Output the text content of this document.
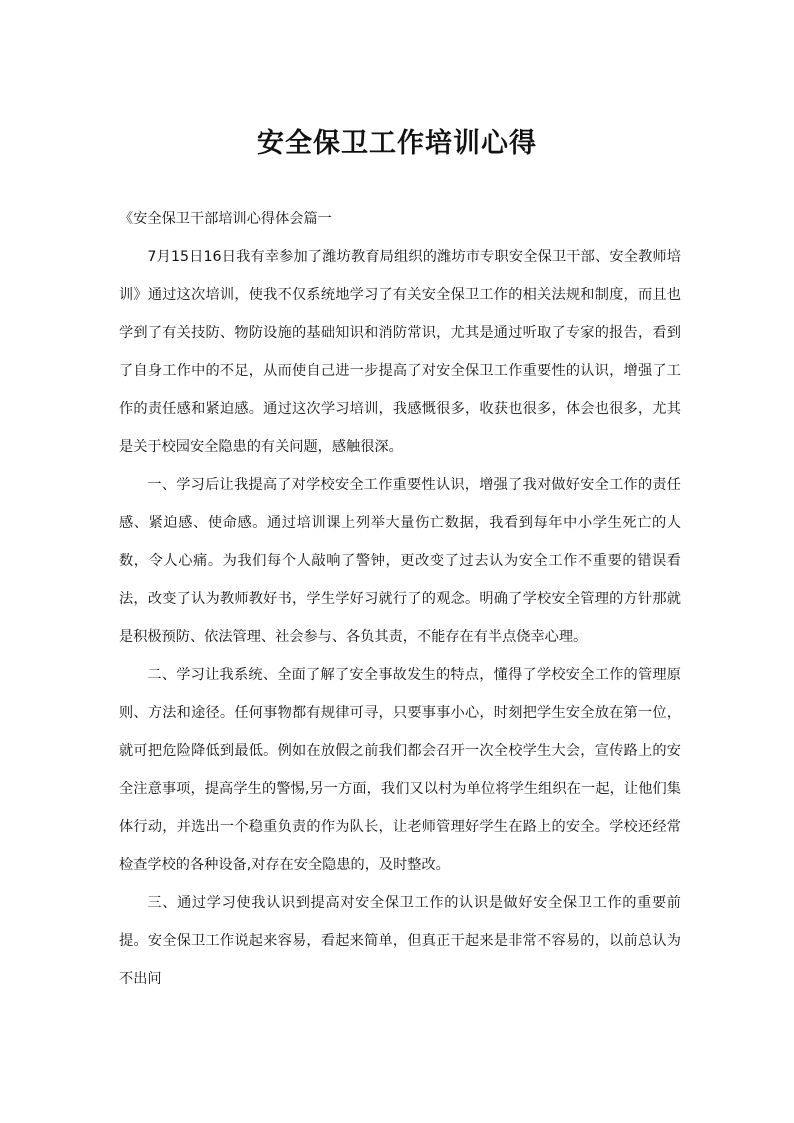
安全保卫工作培训心得

《安全保卫干部培训心得体会篇一

7月15日16日我有幸参加了潍坊教育局组织的潍坊市专职安全保卫干部、安全教师培训》通过这次培训，使我不仅系统地学习了有关安全保卫工作的相关法规和制度，而且也学到了有关技防、物防设施的基础知识和消防常识，尤其是通过听取了专家的报告，看到了自身工作中的不足，从而使自己进一步提高了对安全保卫工作重要性的认识，增强了工作的责任感和紧迫感。通过这次学习培训，我感慨很多，收获也很多，体会也很多，尤其是关于校园安全隐患的有关问题，感触很深。

一、学习后让我提高了对学校安全工作重要性认识，增强了我对做好安全工作的责任感、紧迫感、使命感。通过培训课上列举大量伤亡数据，我看到每年中小学生死亡的人数，令人心痛。为我们每个人敲响了警钟，更改变了过去认为安全工作不重要的错误看法，改变了认为教师教好书，学生学好习就行了的观念。明确了学校安全管理的方针那就是积极预防、依法管理、社会参与、各负其责，不能存在有半点侥幸心理。

二、学习让我系统、全面了解了安全事故发生的特点，懂得了学校安全工作的管理原则、方法和途径。任何事物都有规律可寻，只要事事小心，时刻把学生安全放在第一位，就可把危险降低到最低。例如在放假之前我们都会召开一次全校学生大会，宣传路上的安全注意事项，提高学生的警惕,另一方面，我们又以村为单位将学生组织在一起，让他们集体行动，并选出一个稳重负责的作为队长，让老师管理好学生在路上的安全。学校还经常检查学校的各种设备,对存在安全隐患的，及时整改。

三、通过学习使我认识到提高对安全保卫工作的认识是做好安全保卫工作的重要前提。安全保卫工作说起来容易，看起来简单，但真正干起来是非常不容易的，以前总认为不出问
